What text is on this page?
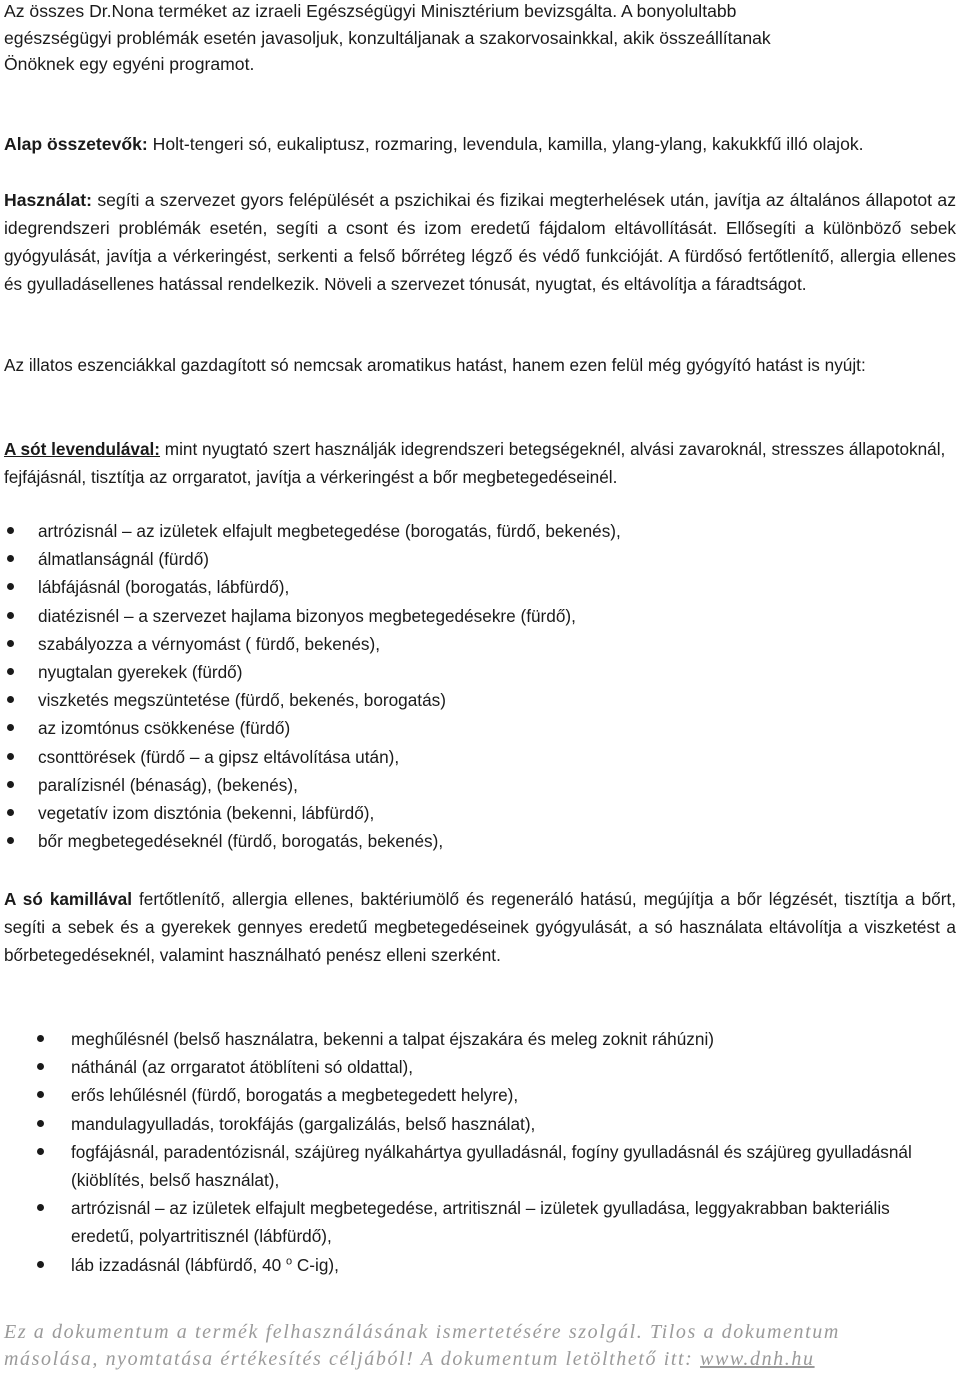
Az összes Dr.Nona terméket az izraeli Egészségügyi Minisztérium bevizsgálta. A bonyolultabb
egészségügyi problémák esetén javasoljuk, konzultáljanak a szakorvosainkkal, akik összeállítanak
Önöknek egy egyéni programot.

Alap összetevők: Holt-tengeri só, eukaliptusz, rozmaring, levendula, kamilla, ylang-ylang, kakukkfű illó olajok.

Használat: segíti a szervezet gyors felépülését a pszichikai és fizikai megterhelések után, javítja az általános állapotot az idegrendszeri problémák esetén, segíti a csont és izom eredetű fájdalom eltávollítását. Ellősegíti a különböző sebek gyógyulását, javítja a vérkeringést, serkenti a felső bőrréteg légző és védő funkcióját. A fürdősó fertőtlenítő, allergia ellenes és gyulladásellenes hatással rendelkezik. Növeli a szervezet tónusát, nyugtat, és eltávolítja a fáradtságot.

Az illatos eszenciákkal gazdagított só nemcsak aromatikus hatást, hanem ezen felül még gyógyító hatást is nyújt:

A sót levendulával: mint nyugtató szert használják idegrendszeri betegségeknél, alvási zavaroknál, stresszes állapotoknál, fejfájásnál, tisztítja az orrgaratot, javítja a vérkeringést a bőr megbetegedéseinél.

artrózisnál – az izületek elfajult megbetegedése (borogatás, fürdő, bekenés),
álmatlanságnál (fürdő)
lábfájásnál (borogatás, lábfürdő),
diatézisnél – a szervezet hajlama bizonyos megbetegedésekre (fürdő),
szabályozza a vérnyomást ( fürdő, bekenés),
nyugtalan gyerekek (fürdő)
viszketés megszüntetése (fürdő, bekenés, borogatás)
az izomtónus csökkenése (fürdő)
csonttörések (fürdő – a gipsz eltávolítása után),
paralízisnél (bénaság), (bekenés),
vegetatív izom disztónia (bekenni, lábfürdő),
bőr megbetegedéseknél (fürdő, borogatás, bekenés),

A só kamillával fertőtlenítő, allergia ellenes, baktériumölő és regeneráló hatású, megújítja a bőr légzését, tisztítja a bőrt, segíti a sebek és a gyerekek gennyes eredetű megbetegedéseinek gyógyulását, a só használata eltávolítja a viszketést a bőrbetegedéseknél, valamint használható penész elleni szerként.

meghűlésnél (belső használatra, bekenni a talpat éjszakára és meleg zoknit ráhúzni)
náthánál (az orrgaratot átöblíteni só oldattal),
erős lehűlésnél (fürdő, borogatás a megbetegedett helyre),
mandulagyulladás, torokfájás (gargalizálás, belső használat),
fogfájásnál, paradentózisnál, szájüreg nyálkahártya gyulladásnál, fogíny gyulladásnál és szájüreg gyulladásnál (kiöblítés, belső használat),
artrózisnál – az izületek elfajult megbetegedése, artritisznál – izületek gyulladása, leggyakrabban bakteriális eredetű, polyartritisznél (lábfürdő),
láb izzadásnál (lábfürdő, 40 $^o$ C-ig),
Ez a dokumentum a termék felhasználásának ismertetésére szolgál. Tilos a dokumentum
másolása, nyomtatása értékesítés céljából! A dokumentum letölthető itt: www.dnh.hu
